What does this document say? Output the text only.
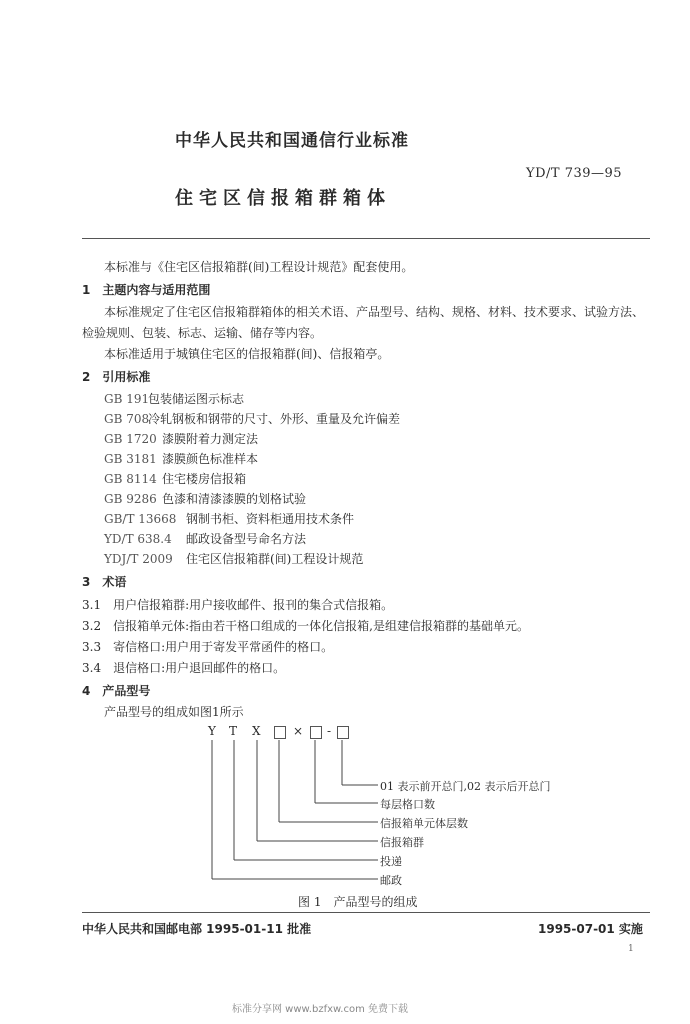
中华人民共和国通信行业标准
YD/T 739—95
住宅区信报箱群箱体
本标准与《住宅区信报箱群(间)工程设计规范》配套使用。
1　主题内容与适用范围
本标准规定了住宅区信报箱群箱体的相关术语、产品型号、结构、规格、材料、技术要求、试验方法、
检验规则、包装、标志、运输、储存等内容。
本标准适用于城镇住宅区的信报箱群(间)、信报箱亭。
2　引用标准
GB 191包装储运图示标志
GB 708冷轧钢板和钢带的尺寸、外形、重量及允许偏差
GB 1720 漆膜附着力测定法
GB 3181 漆膜颜色标准样本
GB 8114 住宅楼房信报箱
GB 9286 色漆和清漆漆膜的划格试验
GB/T 13668 钢制书柜、资料柜通用技术条件
YD/T 638.4 邮政设备型号命名方法
YDJ/T 2009 住宅区信报箱群(间)工程设计规范
3　术语
3.1　用户信报箱群:用户接收邮件、报刊的集合式信报箱。
3.2　信报箱单元体:指由若干格口组成的一体化信报箱,是组建信报箱群的基础单元。
3.3　寄信格口:用户用于寄发平常函件的格口。
3.4　退信格口:用户退回邮件的格口。
4　产品型号
产品型号的组成如图1所示
Y T X	× -
01 表示前开总门,02 表示后开总门
每层格口数
信报箱单元体层数
信报箱群
投递
邮政
图 1　产品型号的组成
中华人民共和国邮电部 1995-01-11 批准	1995-07-01 实施
1
标准分享网 www.bzfxw.com 免费下载
